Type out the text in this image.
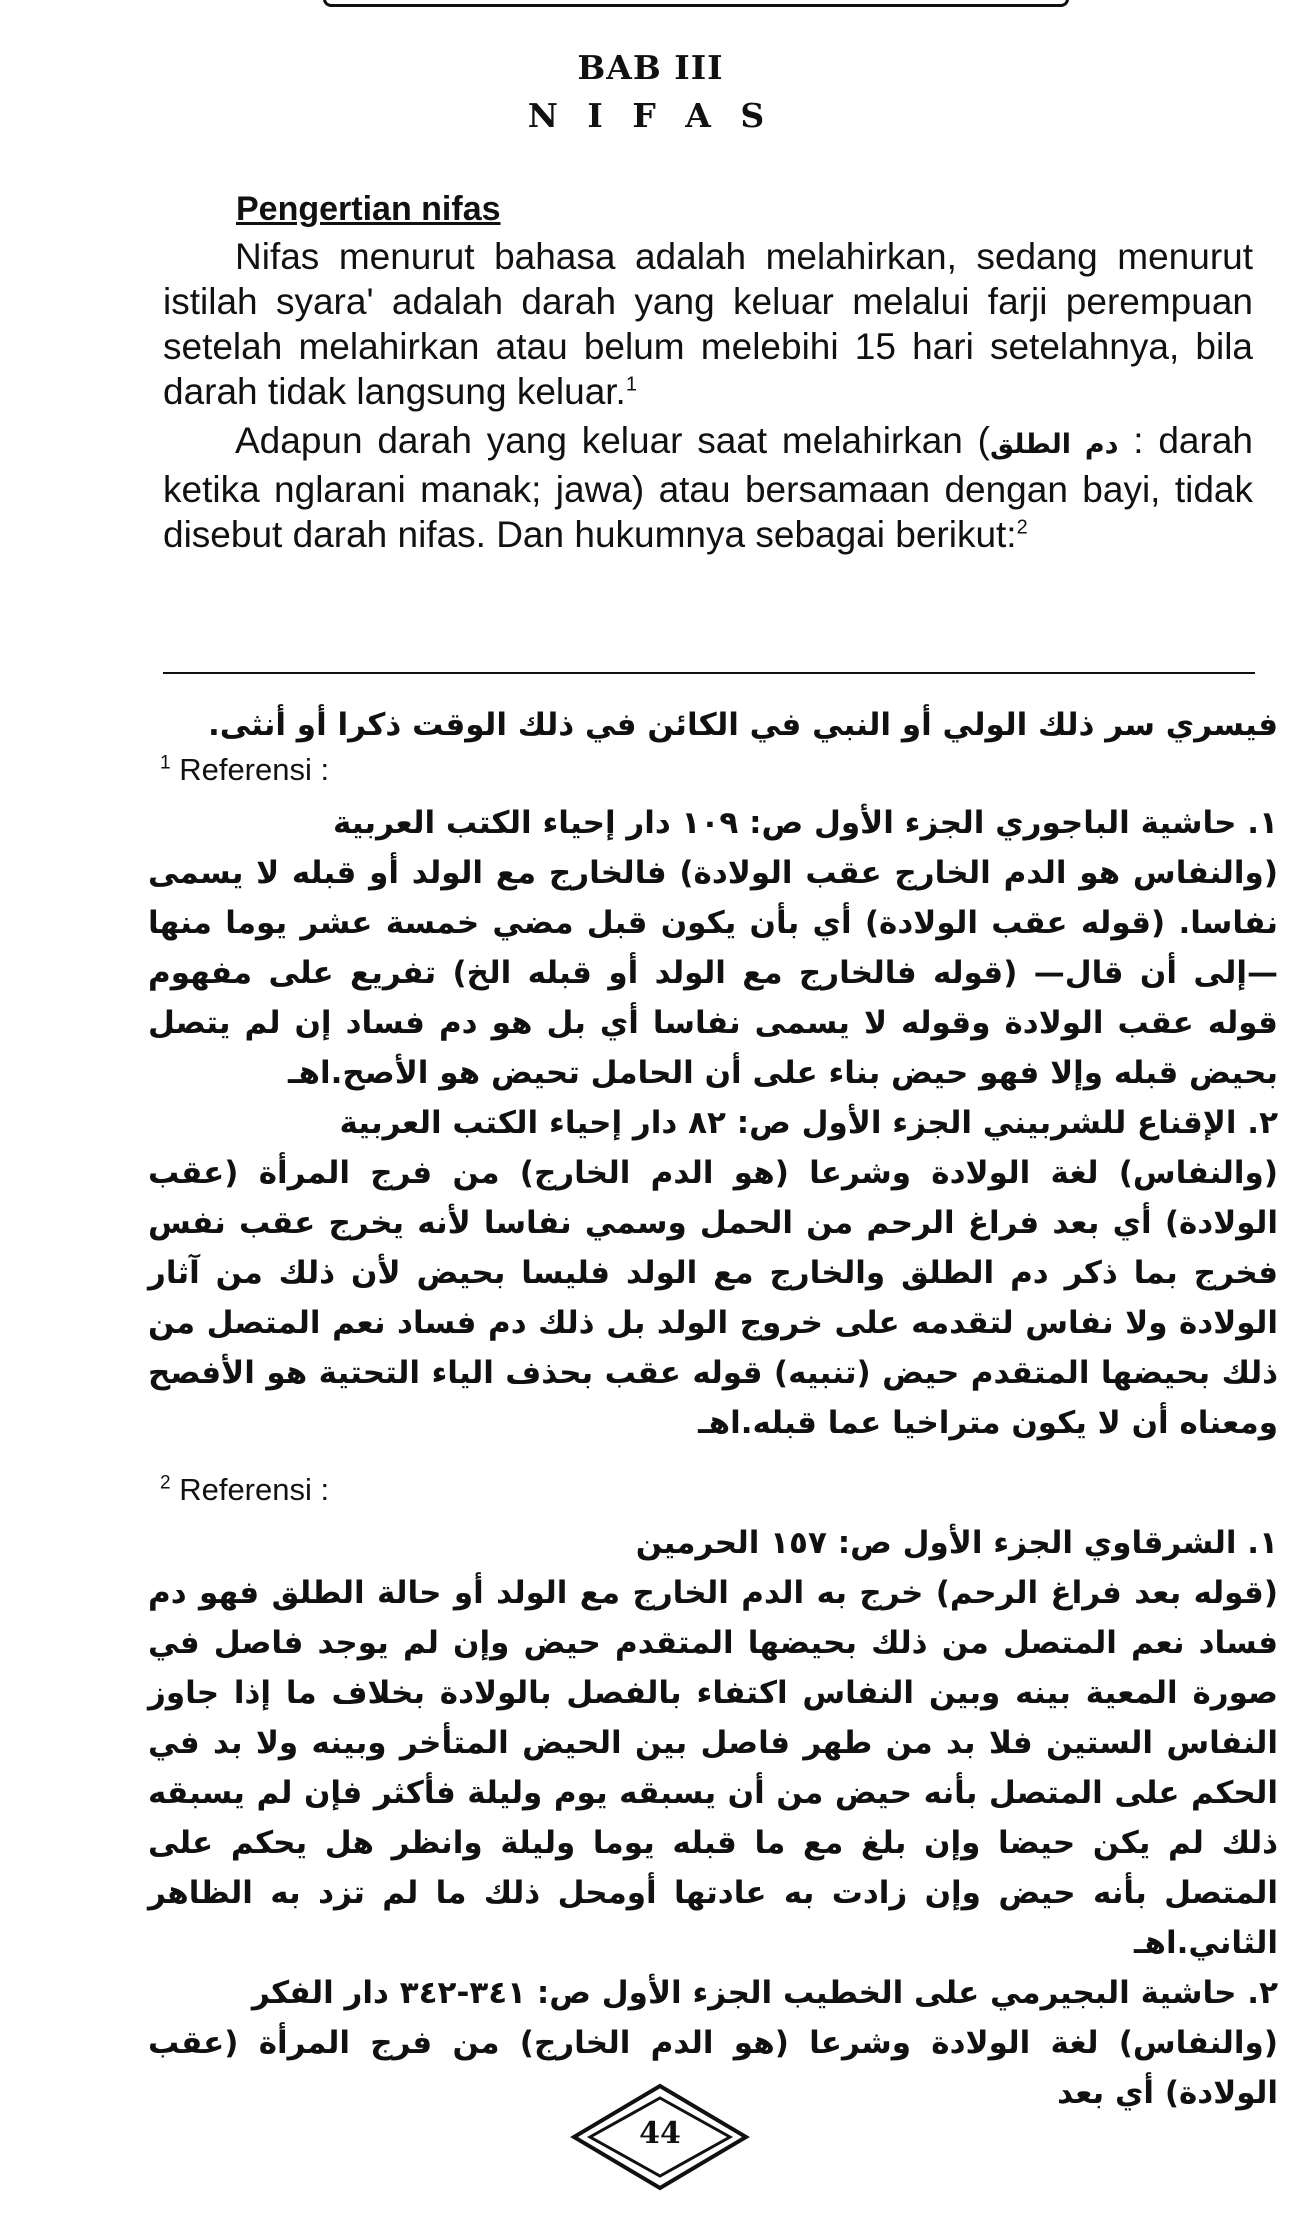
BAB III
N I F A S
Pengertian nifas
Nifas menurut bahasa adalah melahirkan, sedang menurut istilah syara' adalah darah yang keluar melalui farji perempuan setelah melahirkan atau belum melebihi 15 hari setelahnya, bila darah tidak langsung keluar.$^1$
Adapun darah yang keluar saat melahirkan (دم الطلق : darah ketika nglarani manak; jawa) atau bersamaan dengan bayi, tidak disebut darah nifas. Dan hukumnya sebagai berikut:$^2$
فيسري سر ذلك الولي أو النبي في الكائن في ذلك الوقت ذكرا أو أنثى.
$^1$ Referensi :
١. حاشية الباجوري الجزء الأول ص: ١٠٩ دار إحياء الكتب العربية
(والنفاس هو الدم الخارج عقب الولادة) فالخارج مع الولد أو قبله لا يسمى نفاسا. (قوله عقب الولادة) أي بأن يكون قبل مضي خمسة عشر يوما منها —إلى أن قال— (قوله فالخارج مع الولد أو قبله الخ) تفريع على مفهوم قوله عقب الولادة وقوله لا يسمى نفاسا أي بل هو دم فساد إن لم يتصل بحيض قبله وإلا فهو حيض بناء على أن الحامل تحيض هو الأصح.اهـ
٢. الإقناع للشربيني الجزء الأول ص: ٨٢ دار إحياء الكتب العربية
(والنفاس) لغة الولادة وشرعا (هو الدم الخارج) من فرج المرأة (عقب الولادة) أي بعد فراغ الرحم من الحمل وسمي نفاسا لأنه يخرج عقب نفس فخرج بما ذكر دم الطلق والخارج مع الولد فليسا بحيض لأن ذلك من آثار الولادة ولا نفاس لتقدمه على خروج الولد بل ذلك دم فساد نعم المتصل من ذلك بحيضها المتقدم حيض (تنبيه) قوله عقب بحذف الياء التحتية هو الأفصح ومعناه أن لا يكون متراخيا عما قبله.اهـ
$^2$ Referensi :
١. الشرقاوي الجزء الأول ص: ١٥٧ الحرمين
(قوله بعد فراغ الرحم) خرج به الدم الخارج مع الولد أو حالة الطلق فهو دم فساد نعم المتصل من ذلك بحيضها المتقدم حيض وإن لم يوجد فاصل في صورة المعية بينه وبين النفاس اكتفاء بالفصل بالولادة بخلاف ما إذا جاوز النفاس الستين فلا بد من طهر فاصل بين الحيض المتأخر وبينه ولا بد في الحكم على المتصل بأنه حيض من أن يسبقه يوم وليلة فأكثر فإن لم يسبقه ذلك لم يكن حيضا وإن بلغ مع ما قبله يوما وليلة وانظر هل يحكم على المتصل بأنه حيض وإن زادت به عادتها أومحل ذلك ما لم تزد به الظاهر الثاني.اهـ
٢. حاشية البجيرمي على الخطيب الجزء الأول ص: ٣٤١-٣٤٢ دار الفكر
(والنفاس) لغة الولادة وشرعا (هو الدم الخارج) من فرج المرأة (عقب الولادة) أي بعد
44
